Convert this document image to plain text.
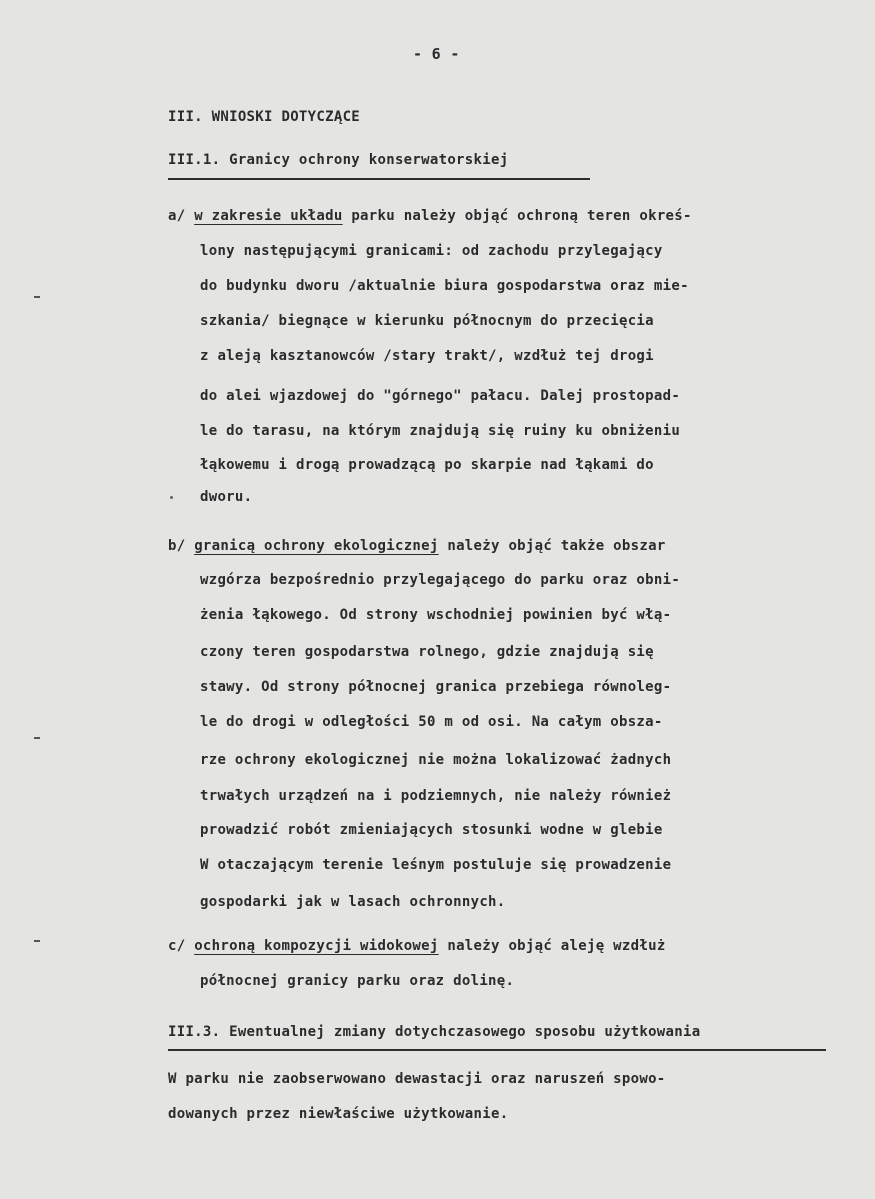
- 6 -
III. WNIOSKI DOTYCZĄCE
III.1. Granicy ochrony konserwatorskiej
a/ w zakresie układu parku należy objąć ochroną teren okreś-
lony następującymi granicami: od zachodu przylegający
do budynku dworu /aktualnie biura gospodarstwa oraz mie-
szkania/ biegnące w kierunku północnym do przecięcia
z aleją kasztanowców /stary trakt/, wzdłuż tej drogi
do alei wjazdowej do "górnego" pałacu. Dalej prostopad-
le do tarasu, na którym znajdują się ruiny ku obniżeniu
łąkowemu i drogą prowadzącą po skarpie nad łąkami do
dworu.
b/ granicą ochrony ekologicznej należy objąć także obszar
wzgórza bezpośrednio przylegającego do parku oraz obni-
żenia łąkowego. Od strony wschodniej powinien być włą-
czony teren gospodarstwa rolnego, gdzie znajdują się
stawy. Od strony północnej granica przebiega równoleg-
le do drogi w odległości 50 m od osi. Na całym obsza-
rze ochrony ekologicznej nie można lokalizować żadnych
trwałych urządzeń na i podziemnych, nie należy również
prowadzić robót zmieniających stosunki wodne w glebie
W otaczającym terenie leśnym postuluje się prowadzenie
gospodarki jak w lasach ochronnych.
c/ ochroną kompozycji widokowej należy objąć aleję wzdłuż
północnej granicy parku oraz dolinę.
III.3. Ewentualnej zmiany dotychczasowego sposobu użytkowania
W parku nie zaobserwowano dewastacji oraz naruszeń spowo-
dowanych przez niewłaściwe użytkowanie.
